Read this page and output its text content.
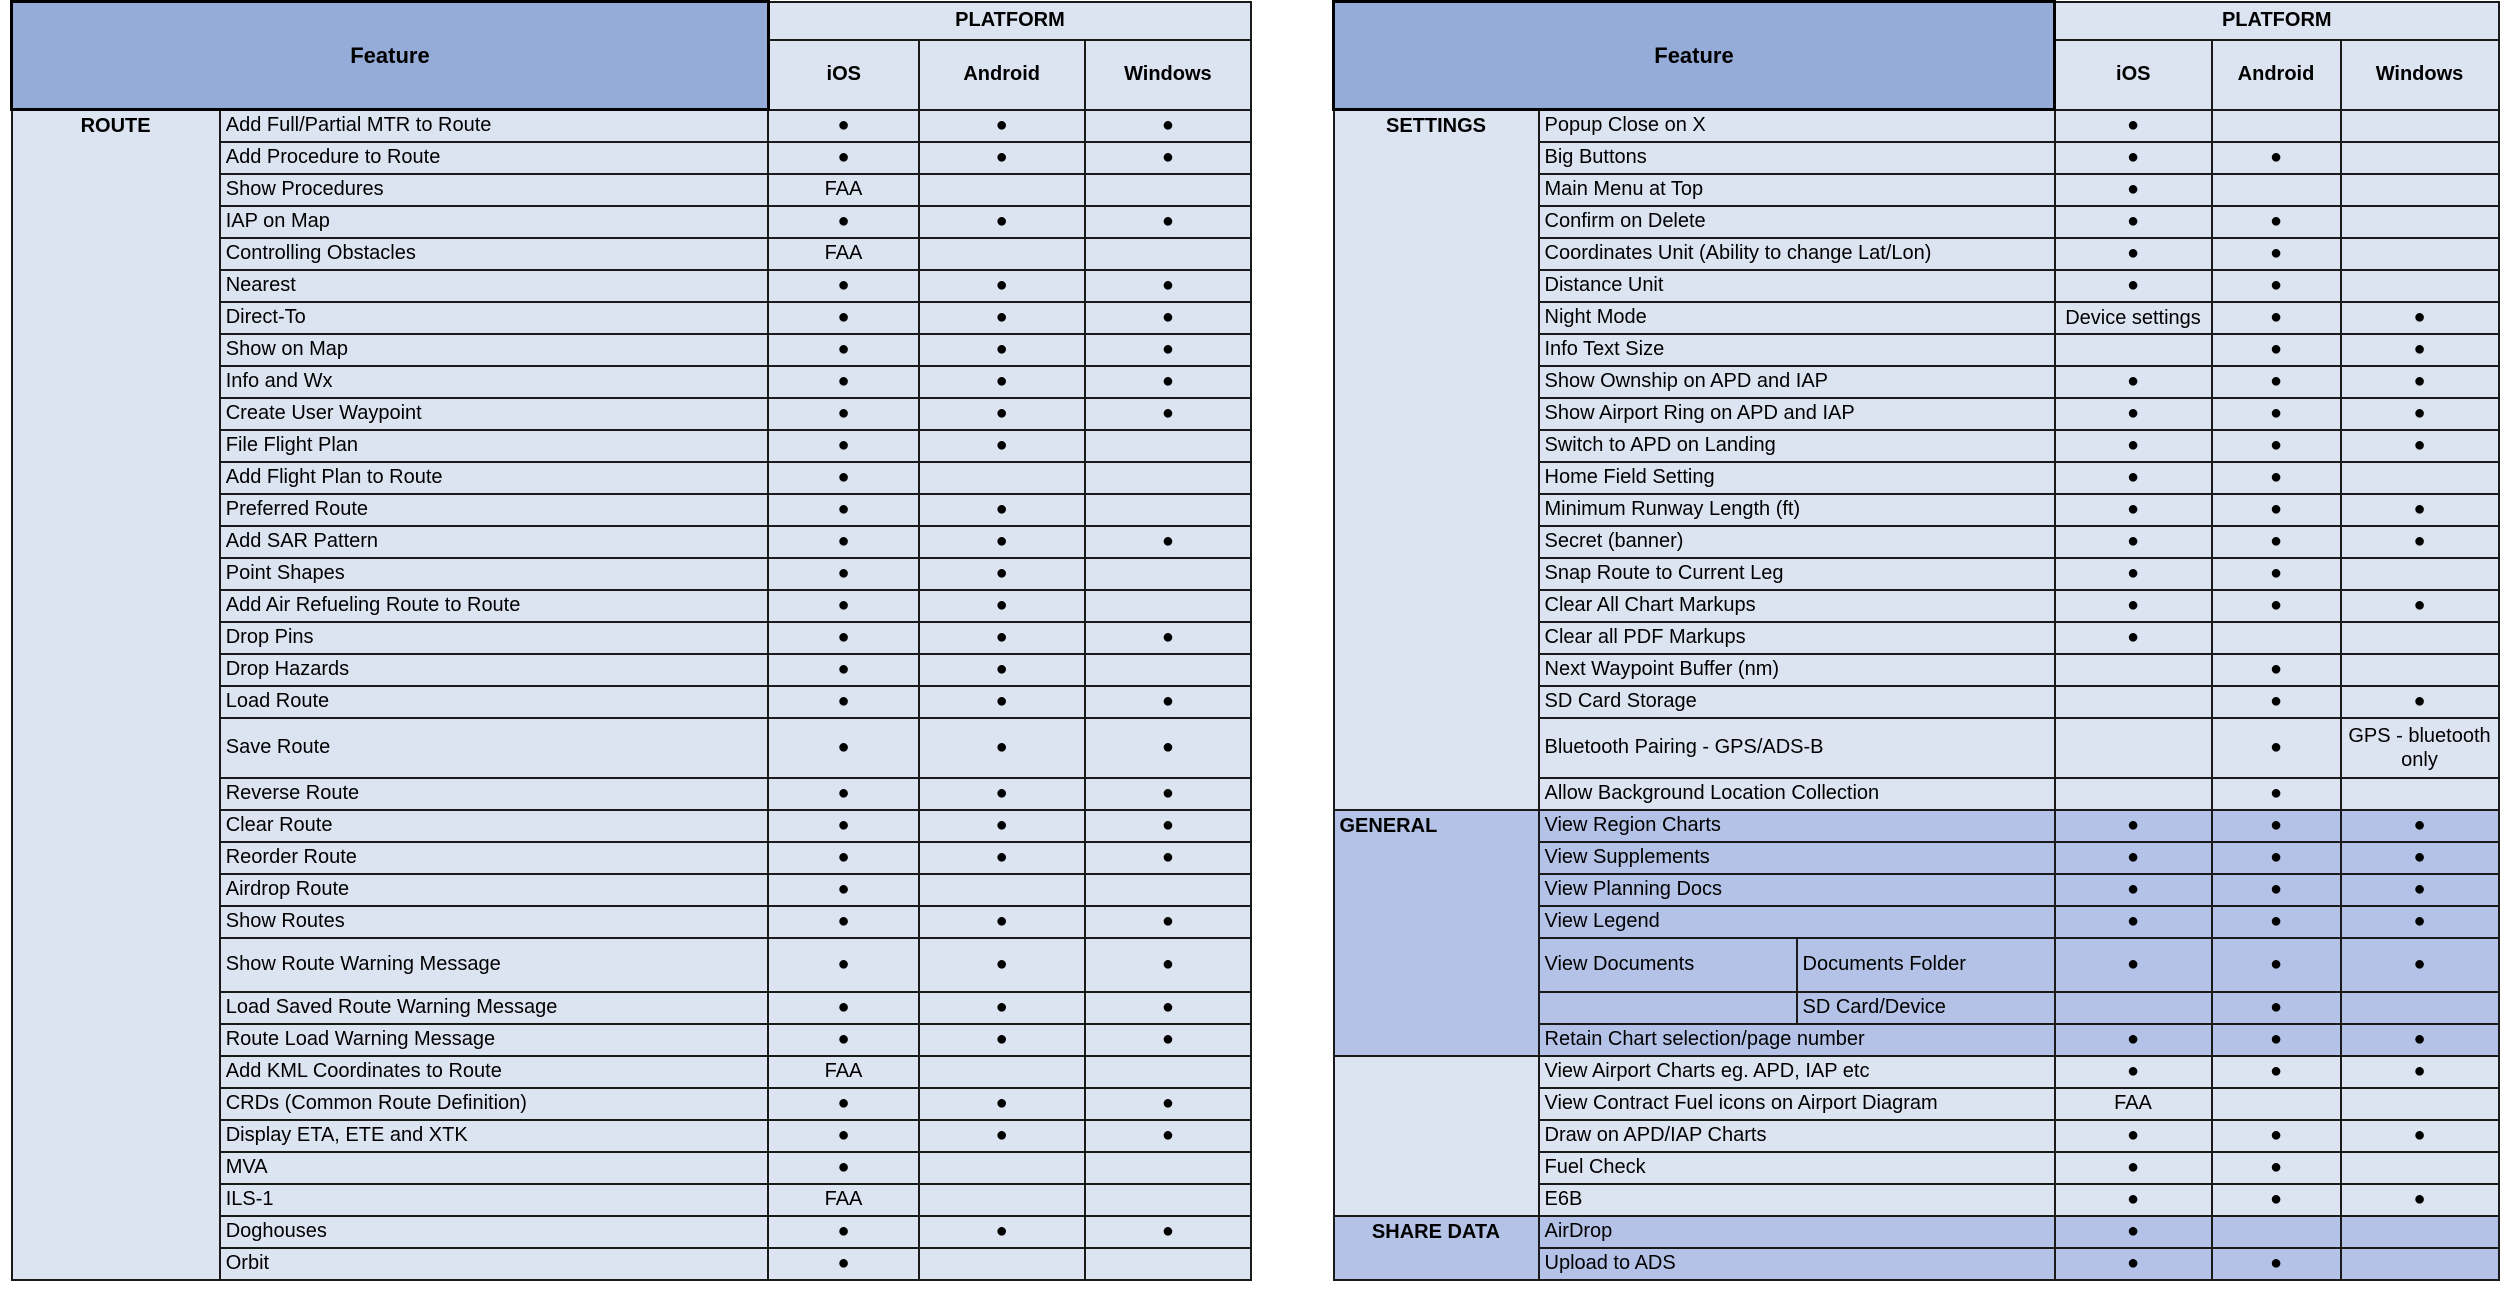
Feature		PLATFORM		
		iOS	Android	Windows
ROUTE	Add Full/Partial MTR to Route	●	●	●
	Add Procedure to Route	●	●	●
	Show Procedures	FAA		
	IAP on Map	●	●	●
	Controlling Obstacles	FAA		
	Nearest	●	●	●
	Direct-To	●	●	●
	Show on Map	●	●	●
	Info and Wx	●	●	●
	Create User Waypoint	●	●	●
	File Flight Plan	●	●	
	Add Flight Plan to Route	●		
	Preferred Route	●	●	
	Add SAR Pattern	●	●	●
	Point Shapes	●	●	
	Add Air Refueling Route to Route	●	●	
	Drop Pins	●	●	●
	Drop Hazards	●	●	
	Load Route	●	●	●
	Save Route	●	●	●
	Reverse Route	●	●	●
	Clear Route	●	●	●
	Reorder Route	●	●	●
	Airdrop Route	●		
	Show Routes	●	●	●
	Show Route Warning Message	●	●	●
	Load Saved Route Warning Message	●	●	●
	Route Load Warning Message	●	●	●
	Add KML Coordinates to Route	FAA		
	CRDs (Common Route Definition)	●	●	●
	Display ETA, ETE and XTK	●	●	●
	MVA	●		
	ILS-1	FAA		
	Doghouses	●	●	●
	Orbit	●		
Feature			PLATFORM		
			iOS	Android	Windows
SETTINGS	Popup Close on X		●		
	Big Buttons		●	●	
	Main Menu at Top		●		
	Confirm on Delete		●	●	
	Coordinates Unit (Ability to change Lat/Lon)		●	●	
	Distance Unit		●	●	
	Night Mode		Device settings	●	●
	Info Text Size			●	●
	Show Ownship on APD and IAP		●	●	●
	Show Airport Ring on APD and IAP		●	●	●
	Switch to APD on Landing		●	●	●
	Home Field Setting		●	●	
	Minimum Runway Length (ft)		●	●	●
	Secret (banner)		●	●	●
	Snap Route to Current Leg		●	●	
	Clear All Chart Markups		●	●	●
	Clear all PDF Markups		●		
	Next Waypoint Buffer (nm)			●	
	SD Card Storage			●	●
	Bluetooth Pairing - GPS/ADS-B			●	GPS - bluetooth only
	Allow Background Location Collection			●	
GENERAL	View Region Charts		●	●	●
	View Supplements		●	●	●
	View Planning Docs		●	●	●
	View Legend		●	●	●
	View Documents	Documents Folder	●	●	●
		SD Card/Device		●	
	Retain Chart selection/page number		●	●	●
	View Airport Charts eg. APD, IAP etc		●	●	●
	View Contract Fuel icons on Airport Diagram		FAA		
	Draw on APD/IAP Charts		●	●	●
	Fuel Check		●	●	
	E6B		●	●	●
SHARE DATA	AirDrop		●		
	Upload to ADS		●	●	
